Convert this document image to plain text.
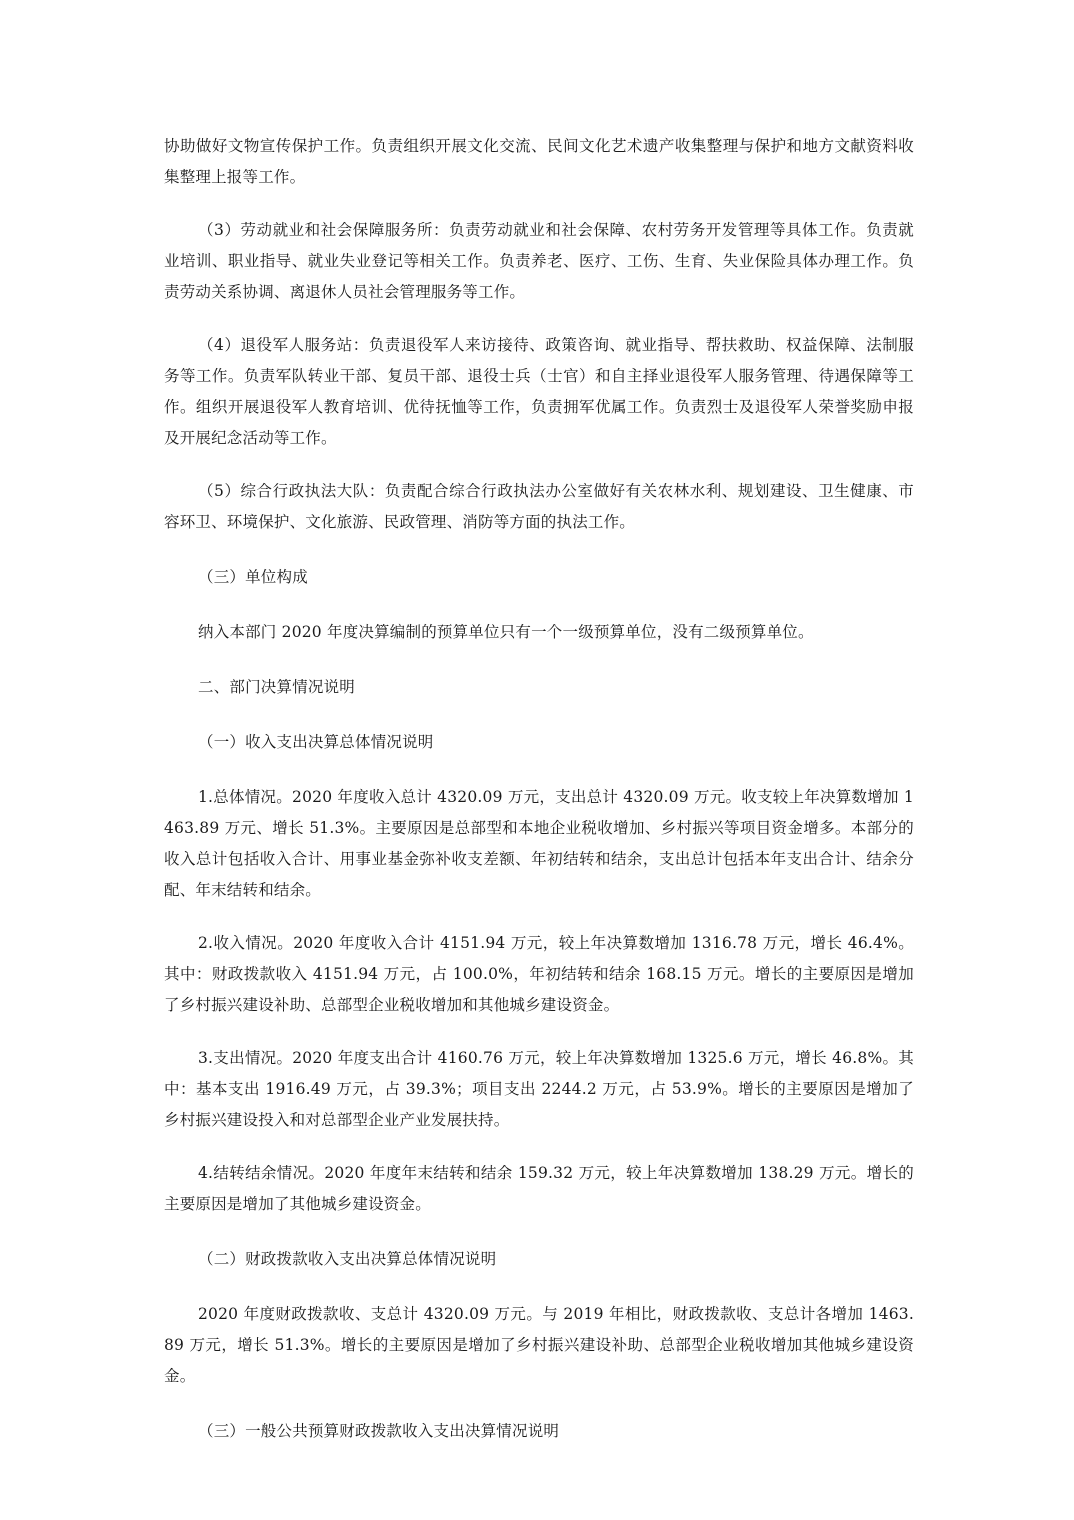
协助做好文物宣传保护工作。负责组织开展文化交流、民间文化艺术遗产收集整理与保护和地方文献资料收集整理上报等工作。

（3）劳动就业和社会保障服务所：负责劳动就业和社会保障、农村劳务开发管理等具体工作。负责就业培训、职业指导、就业失业登记等相关工作。负责养老、医疗、工伤、生育、失业保险具体办理工作。负责劳动关系协调、离退休人员社会管理服务等工作。

（4）退役军人服务站：负责退役军人来访接待、政策咨询、就业指导、帮扶救助、权益保障、法制服务等工作。负责军队转业干部、复员干部、退役士兵（士官）和自主择业退役军人服务管理、待遇保障等工作。组织开展退役军人教育培训、优待抚恤等工作，负责拥军优属工作。负责烈士及退役军人荣誉奖励申报及开展纪念活动等工作。

（5）综合行政执法大队：负责配合综合行政执法办公室做好有关农林水利、规划建设、卫生健康、市容环卫、环境保护、文化旅游、民政管理、消防等方面的执法工作。

（三）单位构成

纳入本部门 2020 年度决算编制的预算单位只有一个一级预算单位，没有二级预算单位。

二、部门决算情况说明

（一）收入支出决算总体情况说明

1.总体情况。2020 年度收入总计 4320.09 万元，支出总计 4320.09 万元。收支较上年决算数增加 1463.89 万元、增长 51.3%。主要原因是总部型和本地企业税收增加、乡村振兴等项目资金增多。本部分的收入总计包括收入合计、用事业基金弥补收支差额、年初结转和结余，支出总计包括本年支出合计、结余分配、年末结转和结余。

2.收入情况。2020 年度收入合计 4151.94 万元，较上年决算数增加 1316.78 万元，增长 46.4%。其中：财政拨款收入 4151.94 万元，占 100.0%，年初结转和结余 168.15 万元。增长的主要原因是增加了乡村振兴建设补助、总部型企业税收增加和其他城乡建设资金。

3.支出情况。2020 年度支出合计 4160.76 万元，较上年决算数增加 1325.6 万元，增长 46.8%。其中：基本支出 1916.49 万元，占 39.3%；项目支出 2244.2 万元，占 53.9%。增长的主要原因是增加了乡村振兴建设投入和对总部型企业产业发展扶持。

4.结转结余情况。2020 年度年末结转和结余 159.32 万元，较上年决算数增加 138.29 万元。增长的主要原因是增加了其他城乡建设资金。

（二）财政拨款收入支出决算总体情况说明

2020 年度财政拨款收、支总计 4320.09 万元。与 2019 年相比，财政拨款收、支总计各增加 1463.89 万元，增长 51.3%。增长的主要原因是增加了乡村振兴建设补助、总部型企业税收增加其他城乡建设资金。

（三）一般公共预算财政拨款收入支出决算情况说明
